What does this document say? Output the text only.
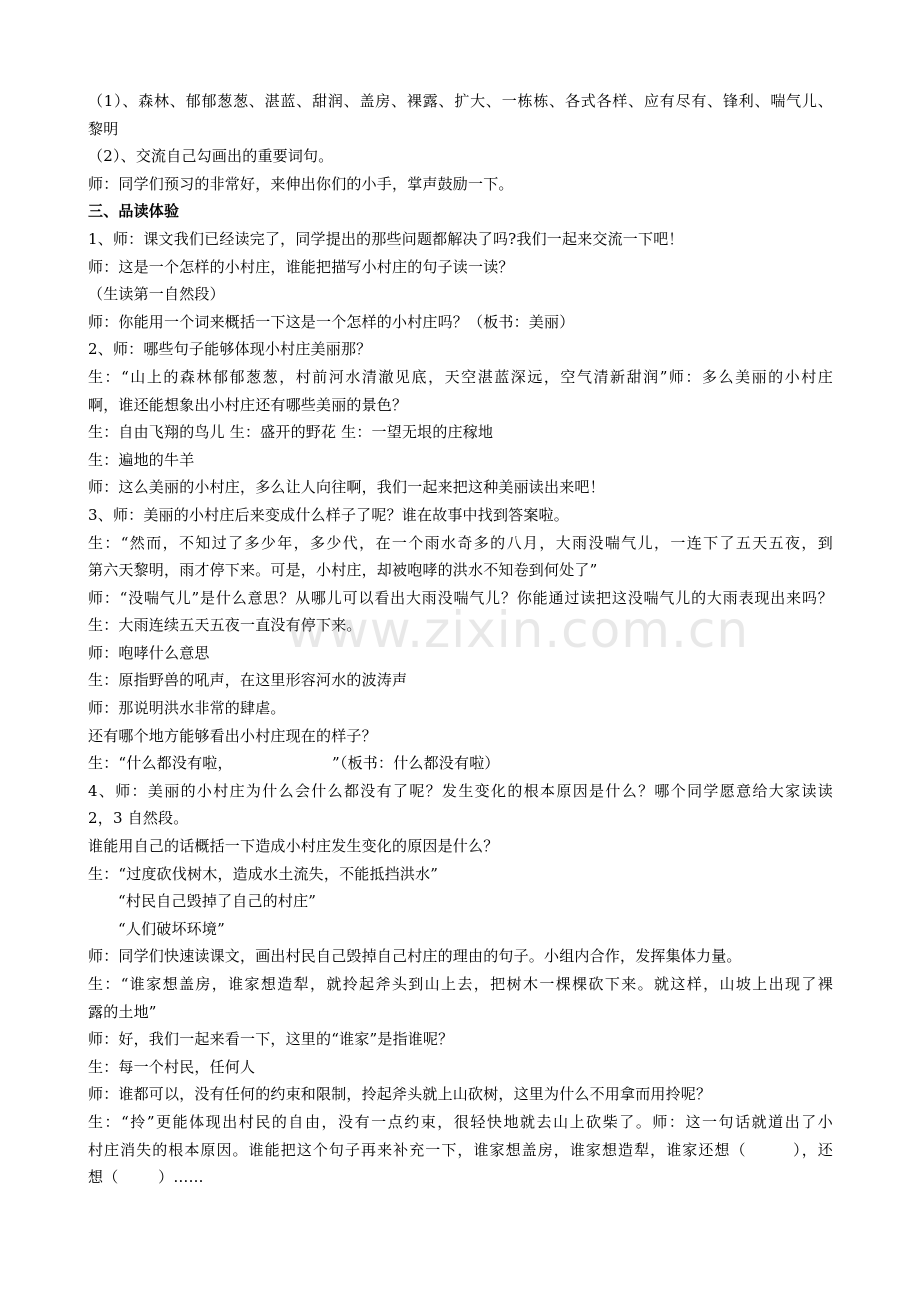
（1）、森林、郁郁葱葱、湛蓝、甜润、盖房、裸露、扩大、一栋栋、各式各样、应有尽有、锋利、喘气儿、
黎明
（2）、交流自己勾画出的重要词句。
师：同学们预习的非常好，来伸出你们的小手，掌声鼓励一下。
三、品读体验
1、师：课文我们已经读完了，同学提出的那些问题都解决了吗?我们一起来交流一下吧！
师：这是一个怎样的小村庄，谁能把描写小村庄的句子读一读？
（生读第一自然段）
师：你能用一个词来概括一下这是一个怎样的小村庄吗？（板书：美丽）
2、师：哪些句子能够体现小村庄美丽那？
生：“山上的森林郁郁葱葱，村前河水清澈见底，天空湛蓝深远，空气清新甜润”师：多么美丽的小村庄
啊，谁还能想象出小村庄还有哪些美丽的景色？
生：自由飞翔的鸟儿 生：盛开的野花 生：一望无垠的庄稼地
生：遍地的牛羊
师：这么美丽的小村庄，多么让人向往啊，我们一起来把这种美丽读出来吧！
3、师：美丽的小村庄后来变成什么样子了呢？谁在故事中找到答案啦。
生：“然而，不知过了多少年，多少代，在一个雨水奇多的八月，大雨没喘气儿，一连下了五天五夜，到
第六天黎明，雨才停下来。可是，小村庄，却被咆哮的洪水不知卷到何处了”
师：“没喘气儿”是什么意思？从哪儿可以看出大雨没喘气儿？你能通过读把这没喘气儿的大雨表现出来吗？
生：大雨连续五天五夜一直没有停下来。
师：咆哮什么意思
生：原指野兽的吼声，在这里形容河水的波涛声
师：那说明洪水非常的肆虐。
还有哪个地方能够看出小村庄现在的样子？
生：“什么都没有啦，                    ”（板书：什么都没有啦）
4、师：美丽的小村庄为什么会什么都没有了呢？发生变化的根本原因是什么？哪个同学愿意给大家读读
2，3 自然段。
谁能用自己的话概括一下造成小村庄发生变化的原因是什么？
生：“过度砍伐树木，造成水土流失，不能抵挡洪水”
“村民自己毁掉了自己的村庄”
“人们破坏环境”
师：同学们快速读课文，画出村民自己毁掉自己村庄的理由的句子。小组内合作，发挥集体力量。
生：“谁家想盖房，谁家想造犁，就拎起斧头到山上去，把树木一棵棵砍下来。就这样，山坡上出现了裸
露的土地”
师：好，我们一起来看一下，这里的“谁家”是指谁呢？
生：每一个村民，任何人
师：谁都可以，没有任何的约束和限制，拎起斧头就上山砍树，这里为什么不用拿而用拎呢？
生：“拎”更能体现出村民的自由，没有一点约束，很轻快地就去山上砍柴了。师：这一句话就道出了小
村庄消失的根本原因。谁能把这个句子再来补充一下，谁家想盖房，谁家想造犁，谁家还想（        ），还
想（        ）……
www.zixin.com.cn
